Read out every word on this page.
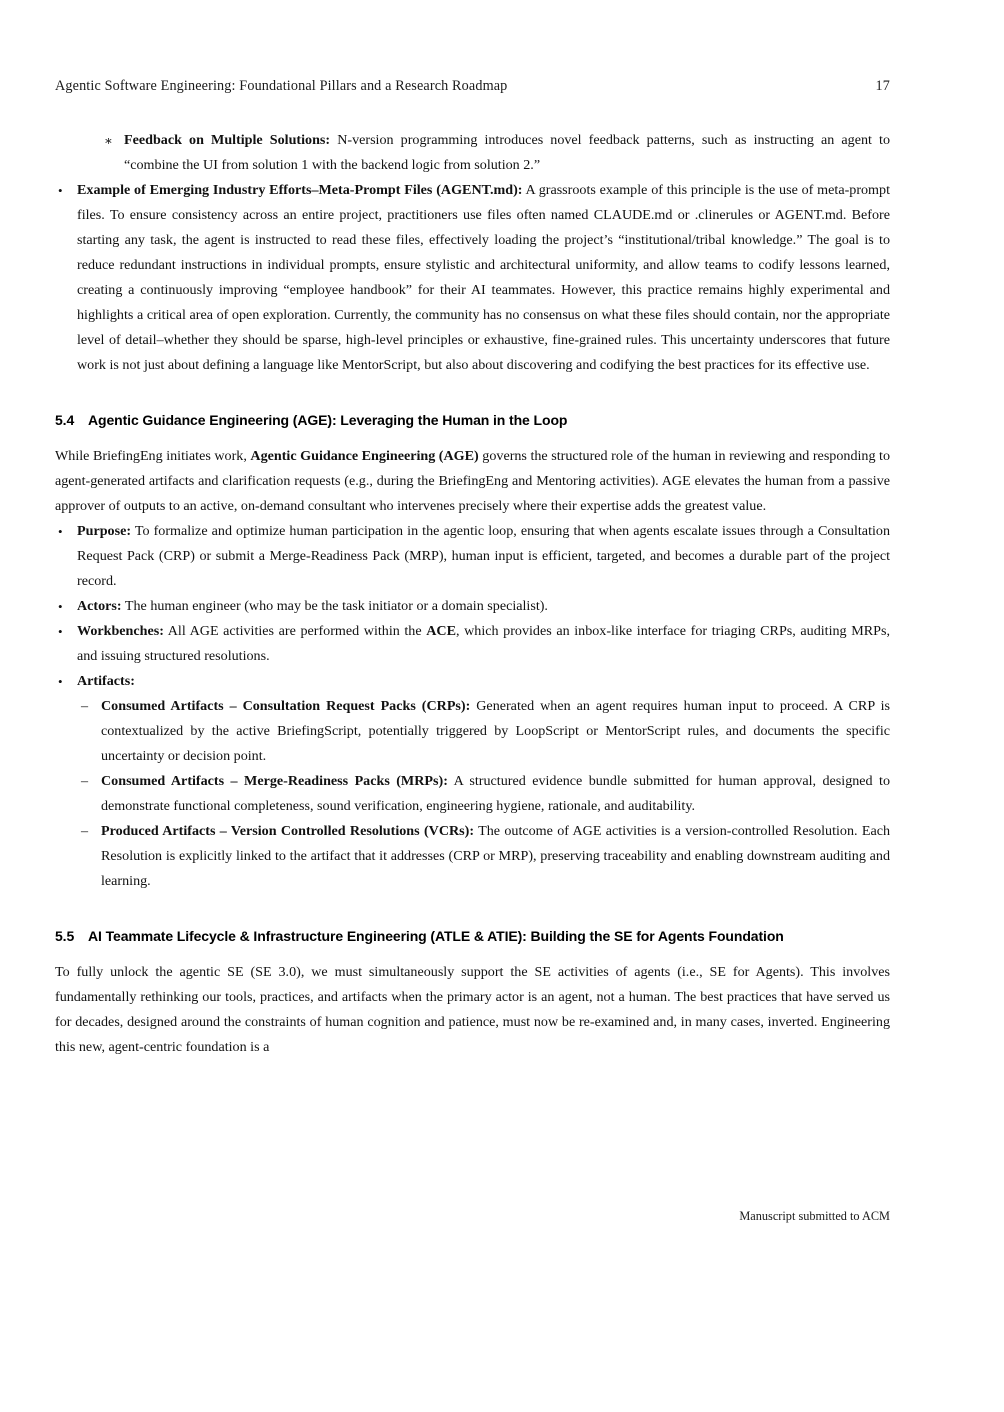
Agentic Software Engineering: Foundational Pillars and a Research Roadmap	17
∗ Feedback on Multiple Solutions: N-version programming introduces novel feedback patterns, such as instructing an agent to “combine the UI from solution 1 with the backend logic from solution 2.”
• Example of Emerging Industry Efforts–Meta-Prompt Files (AGENT.md): A grassroots example of this principle is the use of meta-prompt files. To ensure consistency across an entire project, practitioners use files often named CLAUDE.md or .clinerules or AGENT.md. Before starting any task, the agent is instructed to read these files, effectively loading the project’s “institutional/tribal knowledge.” The goal is to reduce redundant instructions in individual prompts, ensure stylistic and architectural uniformity, and allow teams to codify lessons learned, creating a continuously improving “employee handbook” for their AI teammates. However, this practice remains highly experimental and highlights a critical area of open exploration. Currently, the community has no consensus on what these files should contain, nor the appropriate level of detail–whether they should be sparse, high-level principles or exhaustive, fine-grained rules. This uncertainty underscores that future work is not just about defining a language like MentorScript, but also about discovering and codifying the best practices for its effective use.
5.4 Agentic Guidance Engineering (AGE): Leveraging the Human in the Loop

While BriefingEng initiates work, Agentic Guidance Engineering (AGE) governs the structured role of the human in reviewing and responding to agent-generated artifacts and clarification requests (e.g., during the BriefingEng and Mentoring activities). AGE elevates the human from a passive approver of outputs to an active, on-demand consultant who intervenes precisely where their expertise adds the greatest value.

• Purpose: To formalize and optimize human participation in the agentic loop, ensuring that when agents escalate issues through a Consultation Request Pack (CRP) or submit a Merge-Readiness Pack (MRP), human input is efficient, targeted, and becomes a durable part of the project record.
• Actors: The human engineer (who may be the task initiator or a domain specialist).
• Workbenches: All AGE activities are performed within the ACE, which provides an inbox-like interface for triaging CRPs, auditing MRPs, and issuing structured resolutions.
• Artifacts:
– Consumed Artifacts – Consultation Request Packs (CRPs): Generated when an agent requires human input to proceed. A CRP is contextualized by the active BriefingScript, potentially triggered by LoopScript or MentorScript rules, and documents the specific uncertainty or decision point.
– Consumed Artifacts – Merge-Readiness Packs (MRPs): A structured evidence bundle submitted for human approval, designed to demonstrate functional completeness, sound verification, engineering hygiene, rationale, and auditability.
– Produced Artifacts – Version Controlled Resolutions (VCRs): The outcome of AGE activities is a version-controlled Resolution. Each Resolution is explicitly linked to the artifact that it addresses (CRP or MRP), preserving traceability and enabling downstream auditing and learning.
5.5 AI Teammate Lifecycle & Infrastructure Engineering (ATLE & ATIE): Building the SE for Agents Foundation

To fully unlock the agentic SE (SE 3.0), we must simultaneously support the SE activities of agents (i.e., SE for Agents). This involves fundamentally rethinking our tools, practices, and artifacts when the primary actor is an agent, not a human. The best practices that have served us for decades, designed around the constraints of human cognition and patience, must now be re-examined and, in many cases, inverted. Engineering this new, agent-centric foundation is a

Manuscript submitted to ACM
